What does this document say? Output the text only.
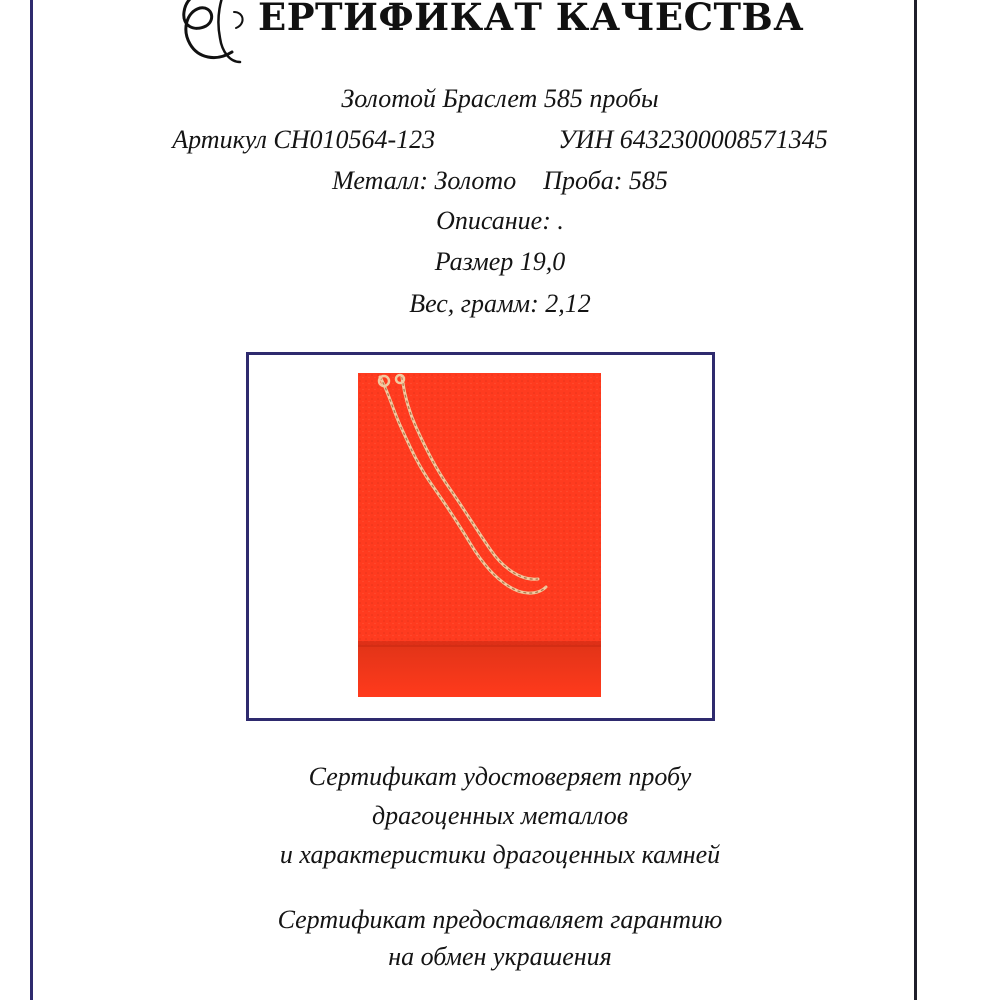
ЕРТИФИКАТ КАЧЕСТВА
Золотой Браслет 585 пробы
Артикул СН010564-123	УИН 6432300008571345
Металл: Золото Проба: 585
Описание: .
Размер 19,0
Вес, грамм: 2,12
Сертификат удостоверяет пробу
драгоценных металлов
и характеристики драгоценных камней
Сертификат предоставляет гарантию
на обмен украшения
